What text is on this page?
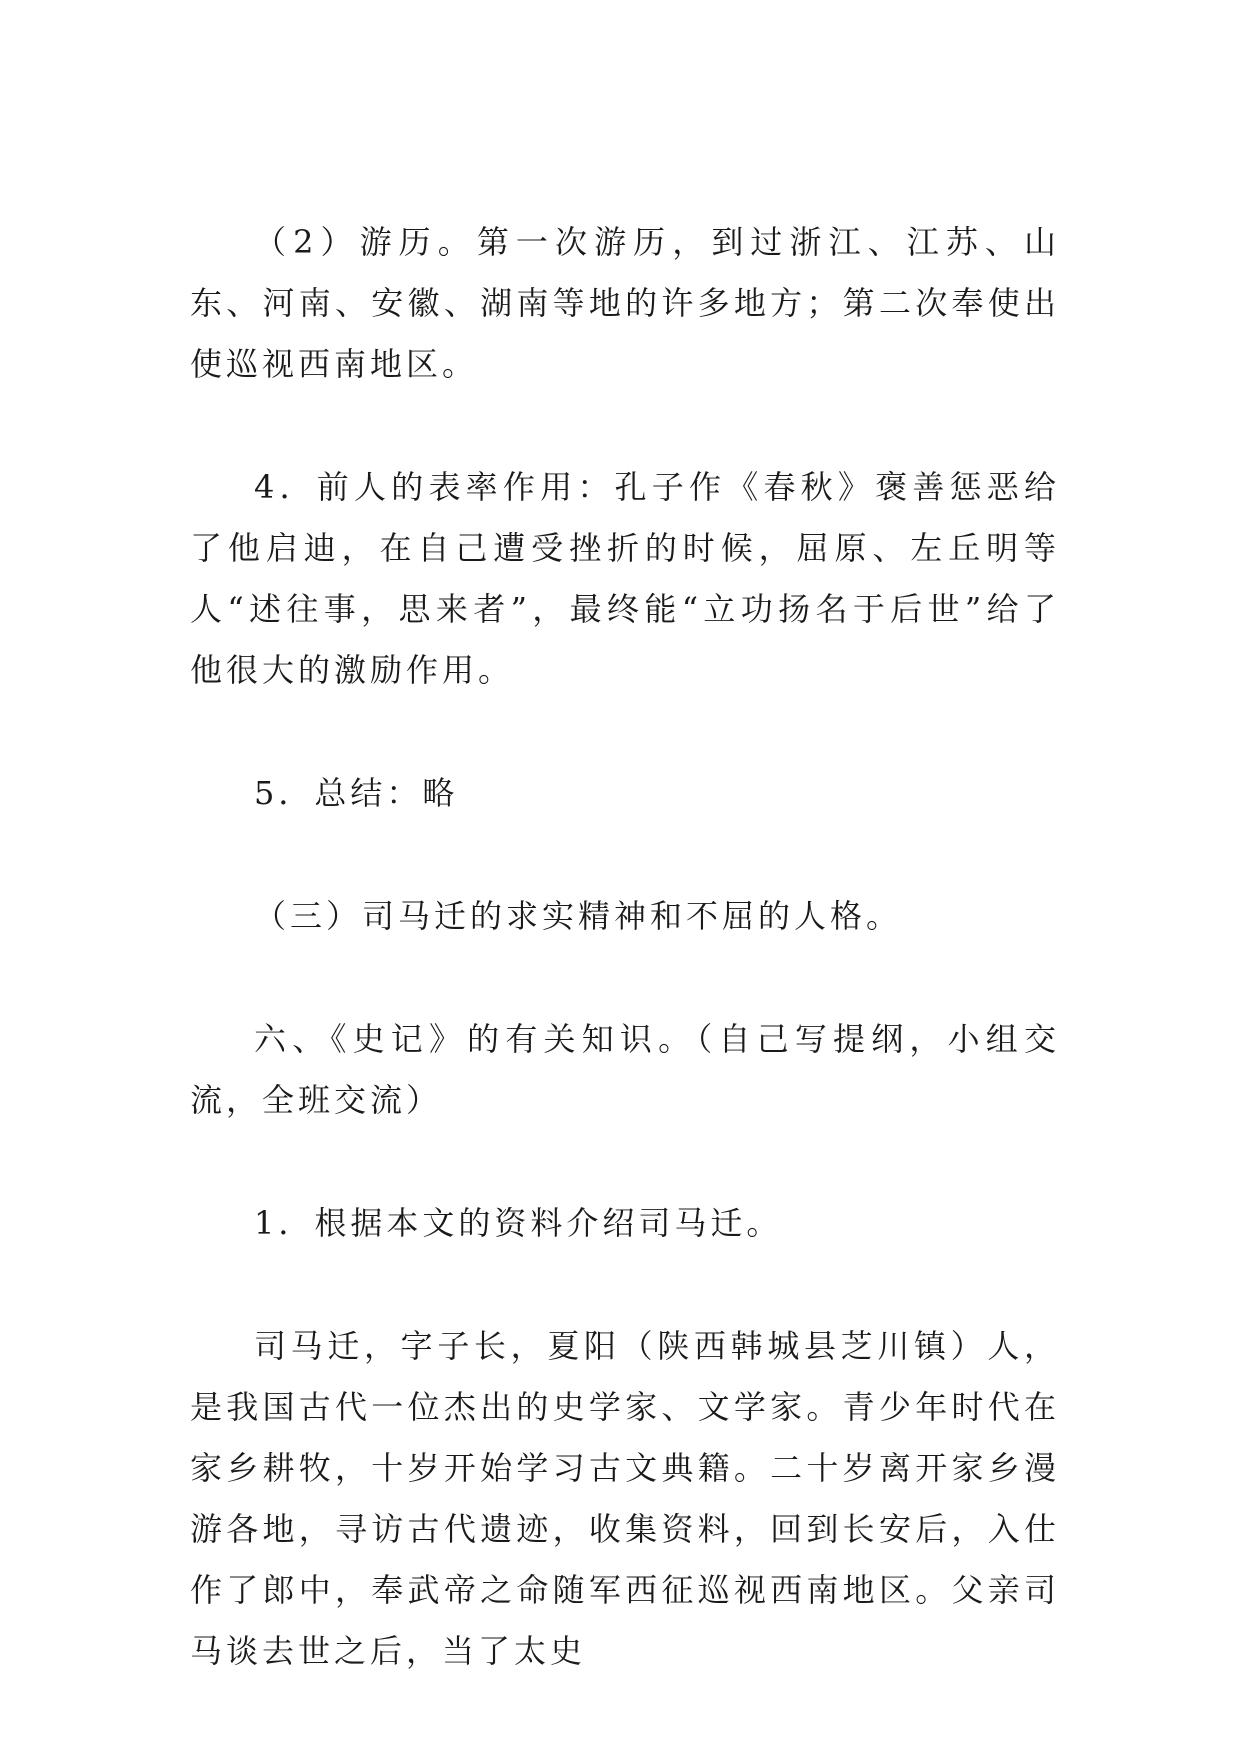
（2）游历。第一次游历，到过浙江、江苏、山东、河南、安徽、湖南等地的许多地方；第二次奉使出使巡视西南地区。

4．前人的表率作用：孔子作《春秋》褒善惩恶给了他启迪，在自己遭受挫折的时候，屈原、左丘明等人“述往事，思来者”，最终能“立功扬名于后世”给了他很大的激励作用。

5．总结：略

（三）司马迁的求实精神和不屈的人格。

六、《史记》的有关知识。（自己写提纲，小组交流，全班交流）

1．根据本文的资料介绍司马迁。

司马迁，字子长，夏阳（陕西韩城县芝川镇）人，是我国古代一位杰出的史学家、文学家。青少年时代在家乡耕牧，十岁开始学习古文典籍。二十岁离开家乡漫游各地，寻访古代遗迹，收集资料，回到长安后，入仕作了郎中，奉武帝之命随军西征巡视西南地区。父亲司马谈去世之后，当了太史
